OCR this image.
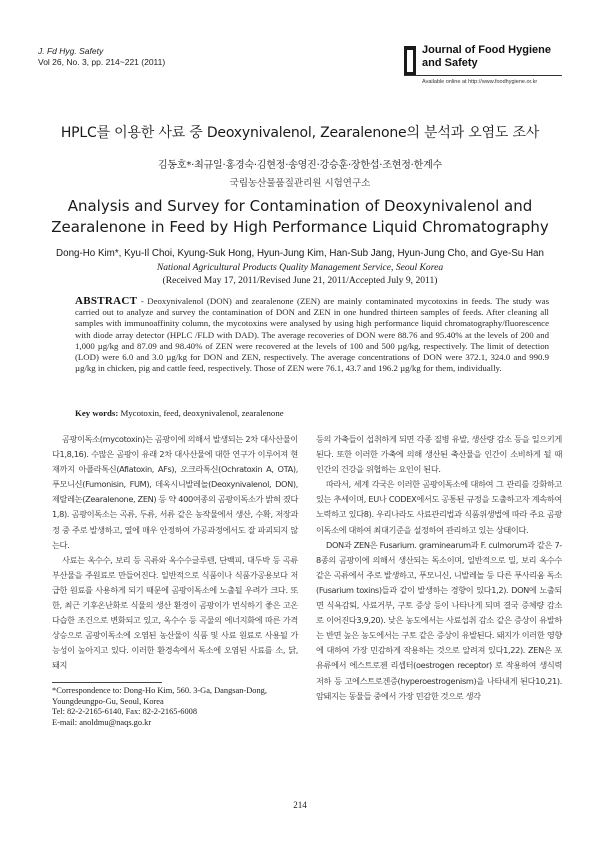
J. Fd Hyg. Safety
Vol 26, No. 3, pp. 214~221 (2011)
Journal of Food Hygiene
and Safety
Available online at http://www.foodhygiene.or.kr
HPLC를 이용한 사료 중 Deoxynivalenol, Zearalenone의 분석과 오염도 조사
김동호*·최규일·홍경숙·김현정·송영진·강승훈·장한섭·조현정·한계수
국립농산물품질관리원 시험연구소
Analysis and Survey for Contamination of Deoxynivalenol and Zearalenone in Feed by High Performance Liquid Chromatography
Dong-Ho Kim*, Kyu-Il Choi, Kyung-Suk Hong, Hyun-Jung Kim, Han-Sub Jang, Hyun-Jung Cho, and Gye-Su Han
National Agricultural Products Quality Management Service, Seoul Korea
(Received May 17, 2011/Revised June 21, 2011/Accepted July 9, 2011)
ABSTRACT - Deoxynivalenol (DON) and zearalenone (ZEN) are mainly contaminated mycotoxins in feeds. The study was carried out to analyze and survey the contamination of DON and ZEN in one hundred thirteen samples of feeds. After cleaning all samples with immunoaffinity column, the mycotoxins were analysed by using high performance liquid chromatography/fluorescence with diode array detector (HPLC /FLD with DAD). The average recoveries of DON were 88.76 and 95.40% at the levels of 200 and 1,000 µg/kg and 87.09 and 98.40% of ZEN were recovered at the levels of 100 and 500 µg/kg, respectively. The limit of detection (LOD) were 6.0 and 3.0 µg/kg for DON and ZEN, respectively. The average concentrations of DON were 372.1, 324.0 and 990.9 µg/kg in chicken, pig and cattle feed, respectively. Those of ZEN were 76.1, 43.7 and 196.2 µg/kg for them, individually.
Key words: Mycotoxin, feed, deoxynivalenol, zearalenone

곰팡이독소(mycotoxin)는 곰팡이에 의해서 발생되는 2차 대사산물이다1,8,16). 수많은 곰팡이 유래 2차 대사산물에 대한 연구가 이루어져 현재까지 아플라톡신(Aflatoxin, AFs), 오크라톡신(Ochratoxin A, OTA), 푸모니신(Fumonisin, FUM), 데옥시니발레놀(Deoxynivalenol, DON), 제랄레논(Zearalenone, ZEN) 등 약 400여종의 곰팡이독소가 밝혀 졌다1,8). 곰팡이독소는 곡류, 두류, 서류 같은 농작물에서 생산, 수확, 저장과정 중 주로 발생하고, 열에 매우 안정하여 가공과정에서도 잘 파괴되지 않는다.

사료는 옥수수, 보리 등 곡류와 옥수수글루텐, 단백피, 대두박 등 곡류 부산물을 주원료로 만들어진다. 일반적으로 식품이나 식품가공용보다 저급한 원료를 사용하게 되기 때문에 곰팡이독소에 노출될 우려가 크다. 또한, 최근 기후온난화로 식물의 생산 환경이 곰팡이가 번식하기 좋은 고온다습한 조건으로 변화되고 있고, 옥수수 등 곡물의 에너지화에 따른 가격 상승으로 곰팡이독소에 오염된 농산물이 식품 및 사료 원료로 사용될 가능성이 높아지고 있다. 이러한 환경속에서 독소에 오염된 사료를 소, 닭, 돼지

등의 가축들이 섭취하게 되면 각종 질병 유발, 생산량 감소 등을 일으키게 된다. 또한 이러한 가축에 의해 생산된 축산물을 인간이 소비하게 될 때 인간의 건강을 위협하는 요인이 된다.

따라서, 세계 각국은 이러한 곰팡이독소에 대하여 그 관리를 강화하고 있는 추세이며, EU나 CODEX에서도 공통된 규정을 도출하고자 계속하여 노력하고 있다8). 우리나라도 사료관리법과 식품위생법에 따라 주요 곰팡이독소에 대하여 최대기준을 설정하여 관리하고 있는 상태이다.

DON과 ZEN은 Fusarium. graminearum과 F. culmorum과 같은 7-8종의 곰팡이에 의해서 생산되는 독소이며, 일반적으로 밀, 보리 옥수수 같은 곡류에서 주로 발생하고, 푸모니신, 니발레놀 등 다른 푸사리움 독소(Fusarium toxins)들과 같이 발생하는 경향이 있다1,2). DON에 노출되면 식욕감퇴, 사료거부, 구토 증상 등이 나타나게 되며 결국 증체량 감소로 이어진다3,9,20). 낮은 농도에서는 사료섭취 감소 같은 증상이 유발하는 반면 높은 농도에서는 구토 같은 증상이 유발된다. 돼지가 이러한 영향에 대하여 가장 민감하게 작용하는 것으로 알려져 있다1,22). ZEN은 포유류에서 에스트로젠 리셉터(oestrogen receptor) 로 작용하여 생식력 저하 등 고에스트로겐증(hyperoestrogenism)을 나타내게 된다10,21). 암돼지는 동물들 중에서 가장 민감한 것으로 생각

*Correspondence to: Dong-Ho Kim, 560. 3-Ga, Dangsan-Dong, Youngdeungpo-Gu, Seoul, Korea
Tel: 82-2-2165-6140, Fax: 82-2-2165-6008
E-mail: anoldmu@naqs.go.kr
214
